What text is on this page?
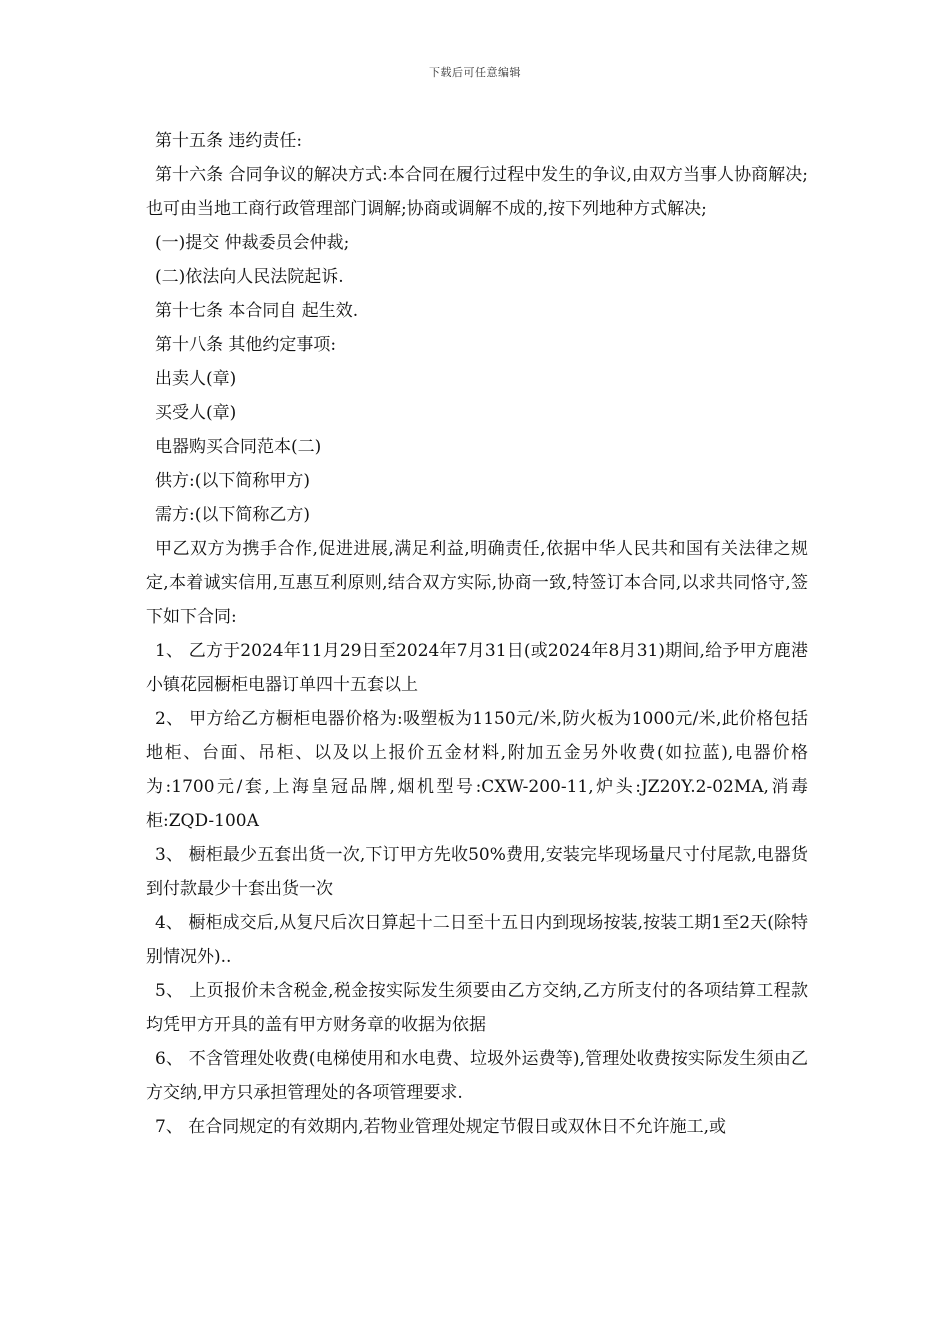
下载后可任意编辑

第十五条 违约责任:

第十六条 合同争议的解决方式:本合同在履行过程中发生的争议,由双方当事人协商解决;也可由当地工商行政管理部门调解;协商或调解不成的,按下列地种方式解决;

(一)提交 仲裁委员会仲裁;

(二)依法向人民法院起诉.

第十七条 本合同自 起生效.

第十八条 其他约定事项:

出卖人(章)

买受人(章)

电器购买合同范本(二)

供方:(以下简称甲方)

需方:(以下简称乙方)

甲乙双方为携手合作,促进进展,满足利益,明确责任,依据中华人民共和国有关法律之规定,本着诚实信用,互惠互利原则,结合双方实际,协商一致,特签订本合同,以求共同恪守,签下如下合同:

1、 乙方于2024年11月29日至2024年7月31日(或2024年8月31)期间,给予甲方鹿港小镇花园橱柜电器订单四十五套以上

2、 甲方给乙方橱柜电器价格为:吸塑板为1150元/米,防火板为1000元/米,此价格包括地柜、台面、吊柜、以及以上报价五金材料,附加五金另外收费(如拉蓝),电器价格为:1700元/套,上海皇冠品牌,烟机型号:CXW-200-11,炉头:JZ20Y.2-02MA,消毒柜:ZQD-100A

3、 橱柜最少五套出货一次,下订甲方先收50%费用,安装完毕现场量尺寸付尾款,电器货到付款最少十套出货一次

4、 橱柜成交后,从复尺后次日算起十二日至十五日内到现场按装,按装工期1至2天(除特别情况外)..

5、 上页报价未含税金,税金按实际发生须要由乙方交纳,乙方所支付的各项结算工程款均凭甲方开具的盖有甲方财务章的收据为依据

6、 不含管理处收费(电梯使用和水电费、垃圾外运费等),管理处收费按实际发生须由乙方交纳,甲方只承担管理处的各项管理要求.

7、 在合同规定的有效期内,若物业管理处规定节假日或双休日不允许施工,或
